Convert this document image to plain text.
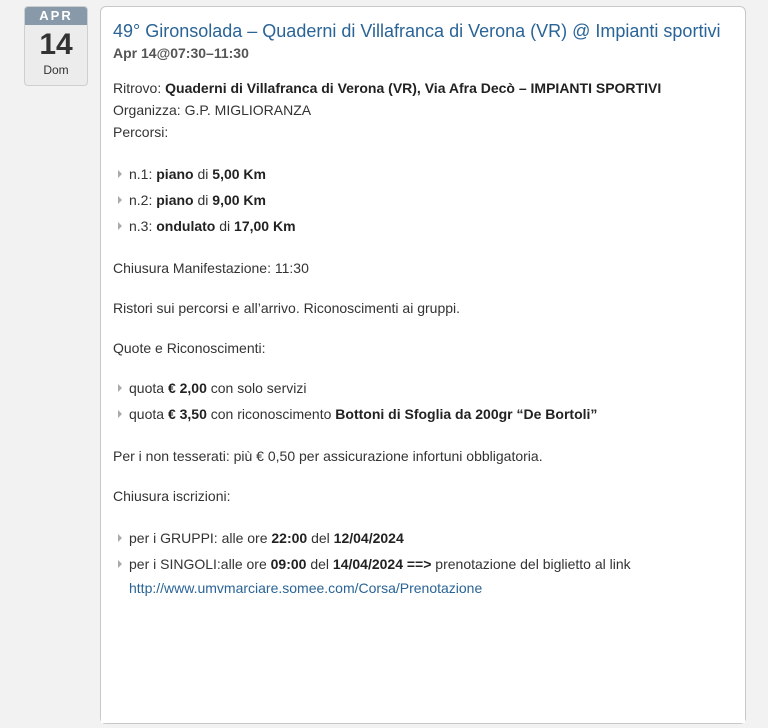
APR
14
Dom
49° Gironsolada – Quaderni di Villafranca di Verona (VR) @ Impianti sportivi
Apr 14@07:30–11:30

Ritrovo: Quaderni di Villafranca di Verona (VR), Via Afra Decò – IMPIANTI SPORTIVI

Organizza: G.P. MIGLIORANZA

Percorsi:

n.1: piano di 5,00 Km
n.2: piano di 9,00 Km
n.3: ondulato di 17,00 Km

Chiusura Manifestazione: 11:30

Ristori sui percorsi e all’arrivo. Riconoscimenti ai gruppi.

Quote e Riconoscimenti:

quota € 2,00 con solo servizi
quota € 3,50 con riconoscimento Bottoni di Sfoglia da 200gr “De Bortoli”

Per i non tesserati: più € 0,50 per assicurazione infortuni obbligatoria.

Chiusura iscrizioni:

per i GRUPPI: alle ore 22:00 del 12/04/2024
per i SINGOLI:alle ore 09:00 del 14/04/2024 ==> prenotazione del biglietto al link
http://www.umvmarciare.somee.com/Corsa/Prenotazione
